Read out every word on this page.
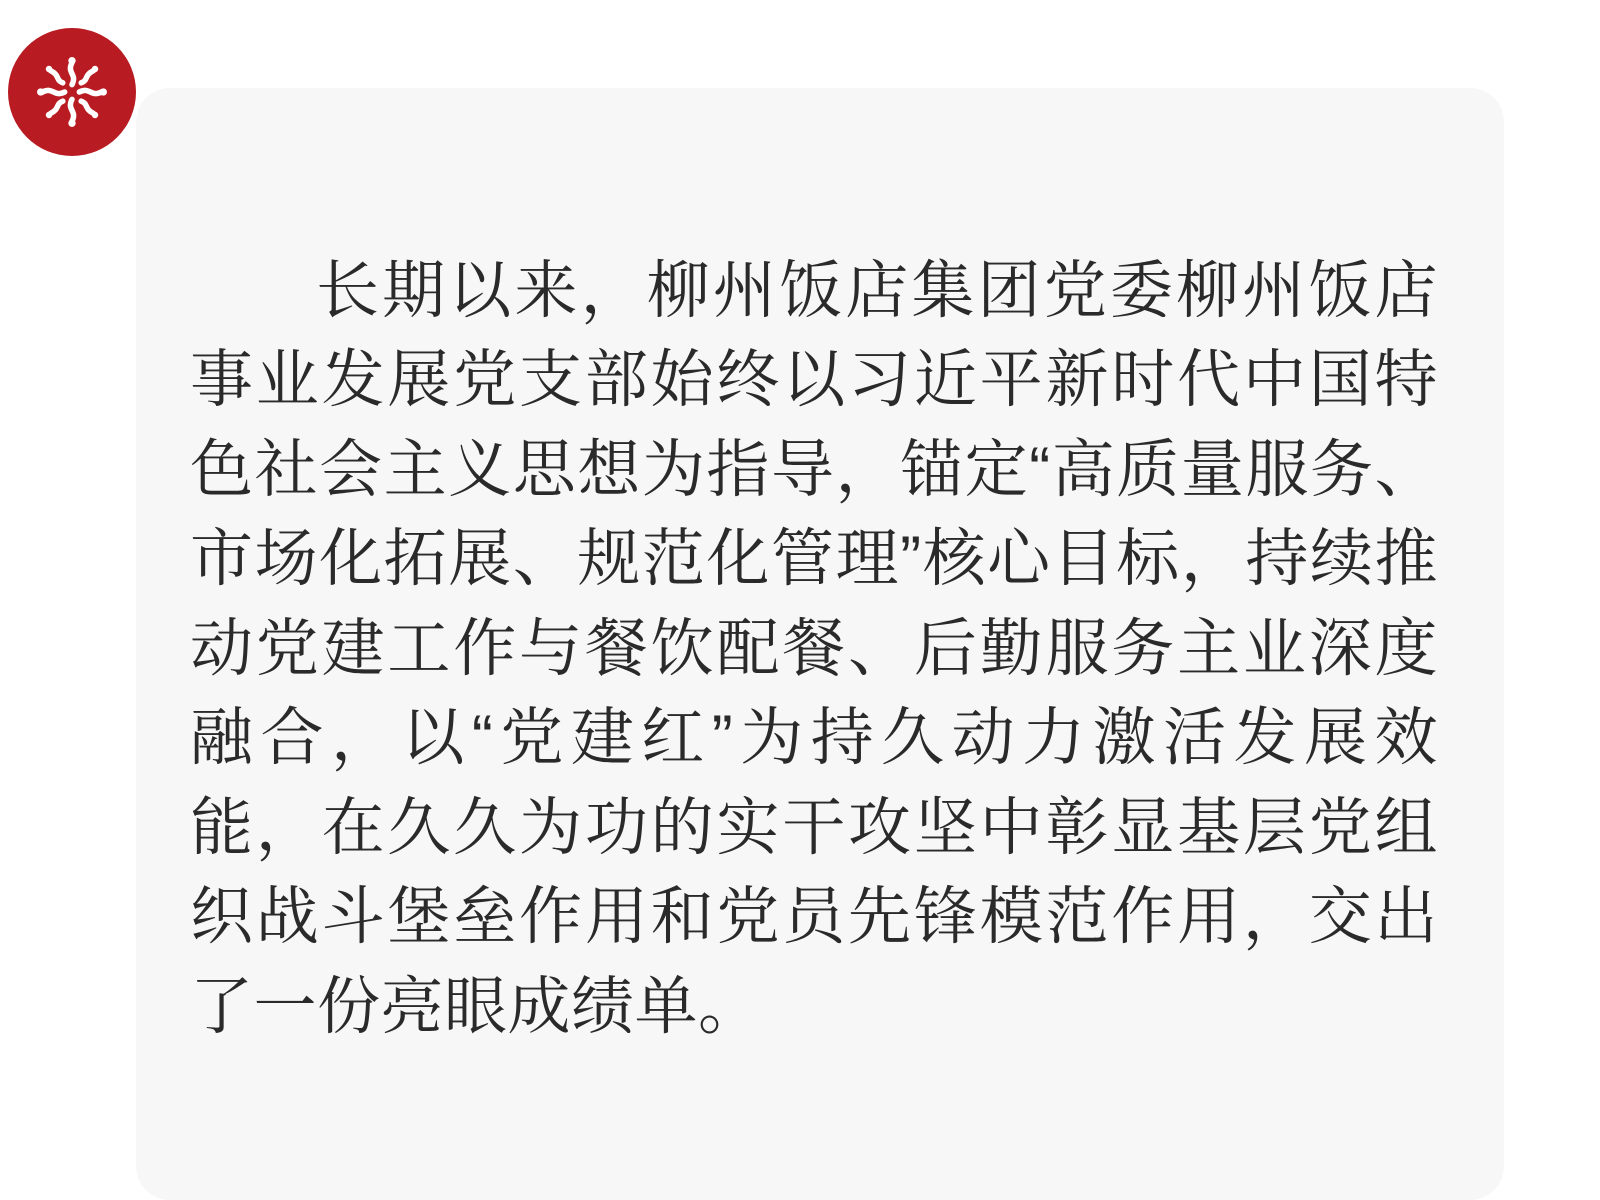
长期以来，柳州饭店集团党委柳州饭店事业发展党支部始终以习近平新时代中国特色社会主义思想为指导，锚定“高质量服务、市场化拓展、规范化管理”核心目标，持续推动党建工作与餐饮配餐、后勤服务主业深度融合，以“党建红”为持久动力激活发展效能，在久久为功的实干攻坚中彰显基层党组织战斗堡垒作用和党员先锋模范作用，交出了一份亮眼成绩单。
